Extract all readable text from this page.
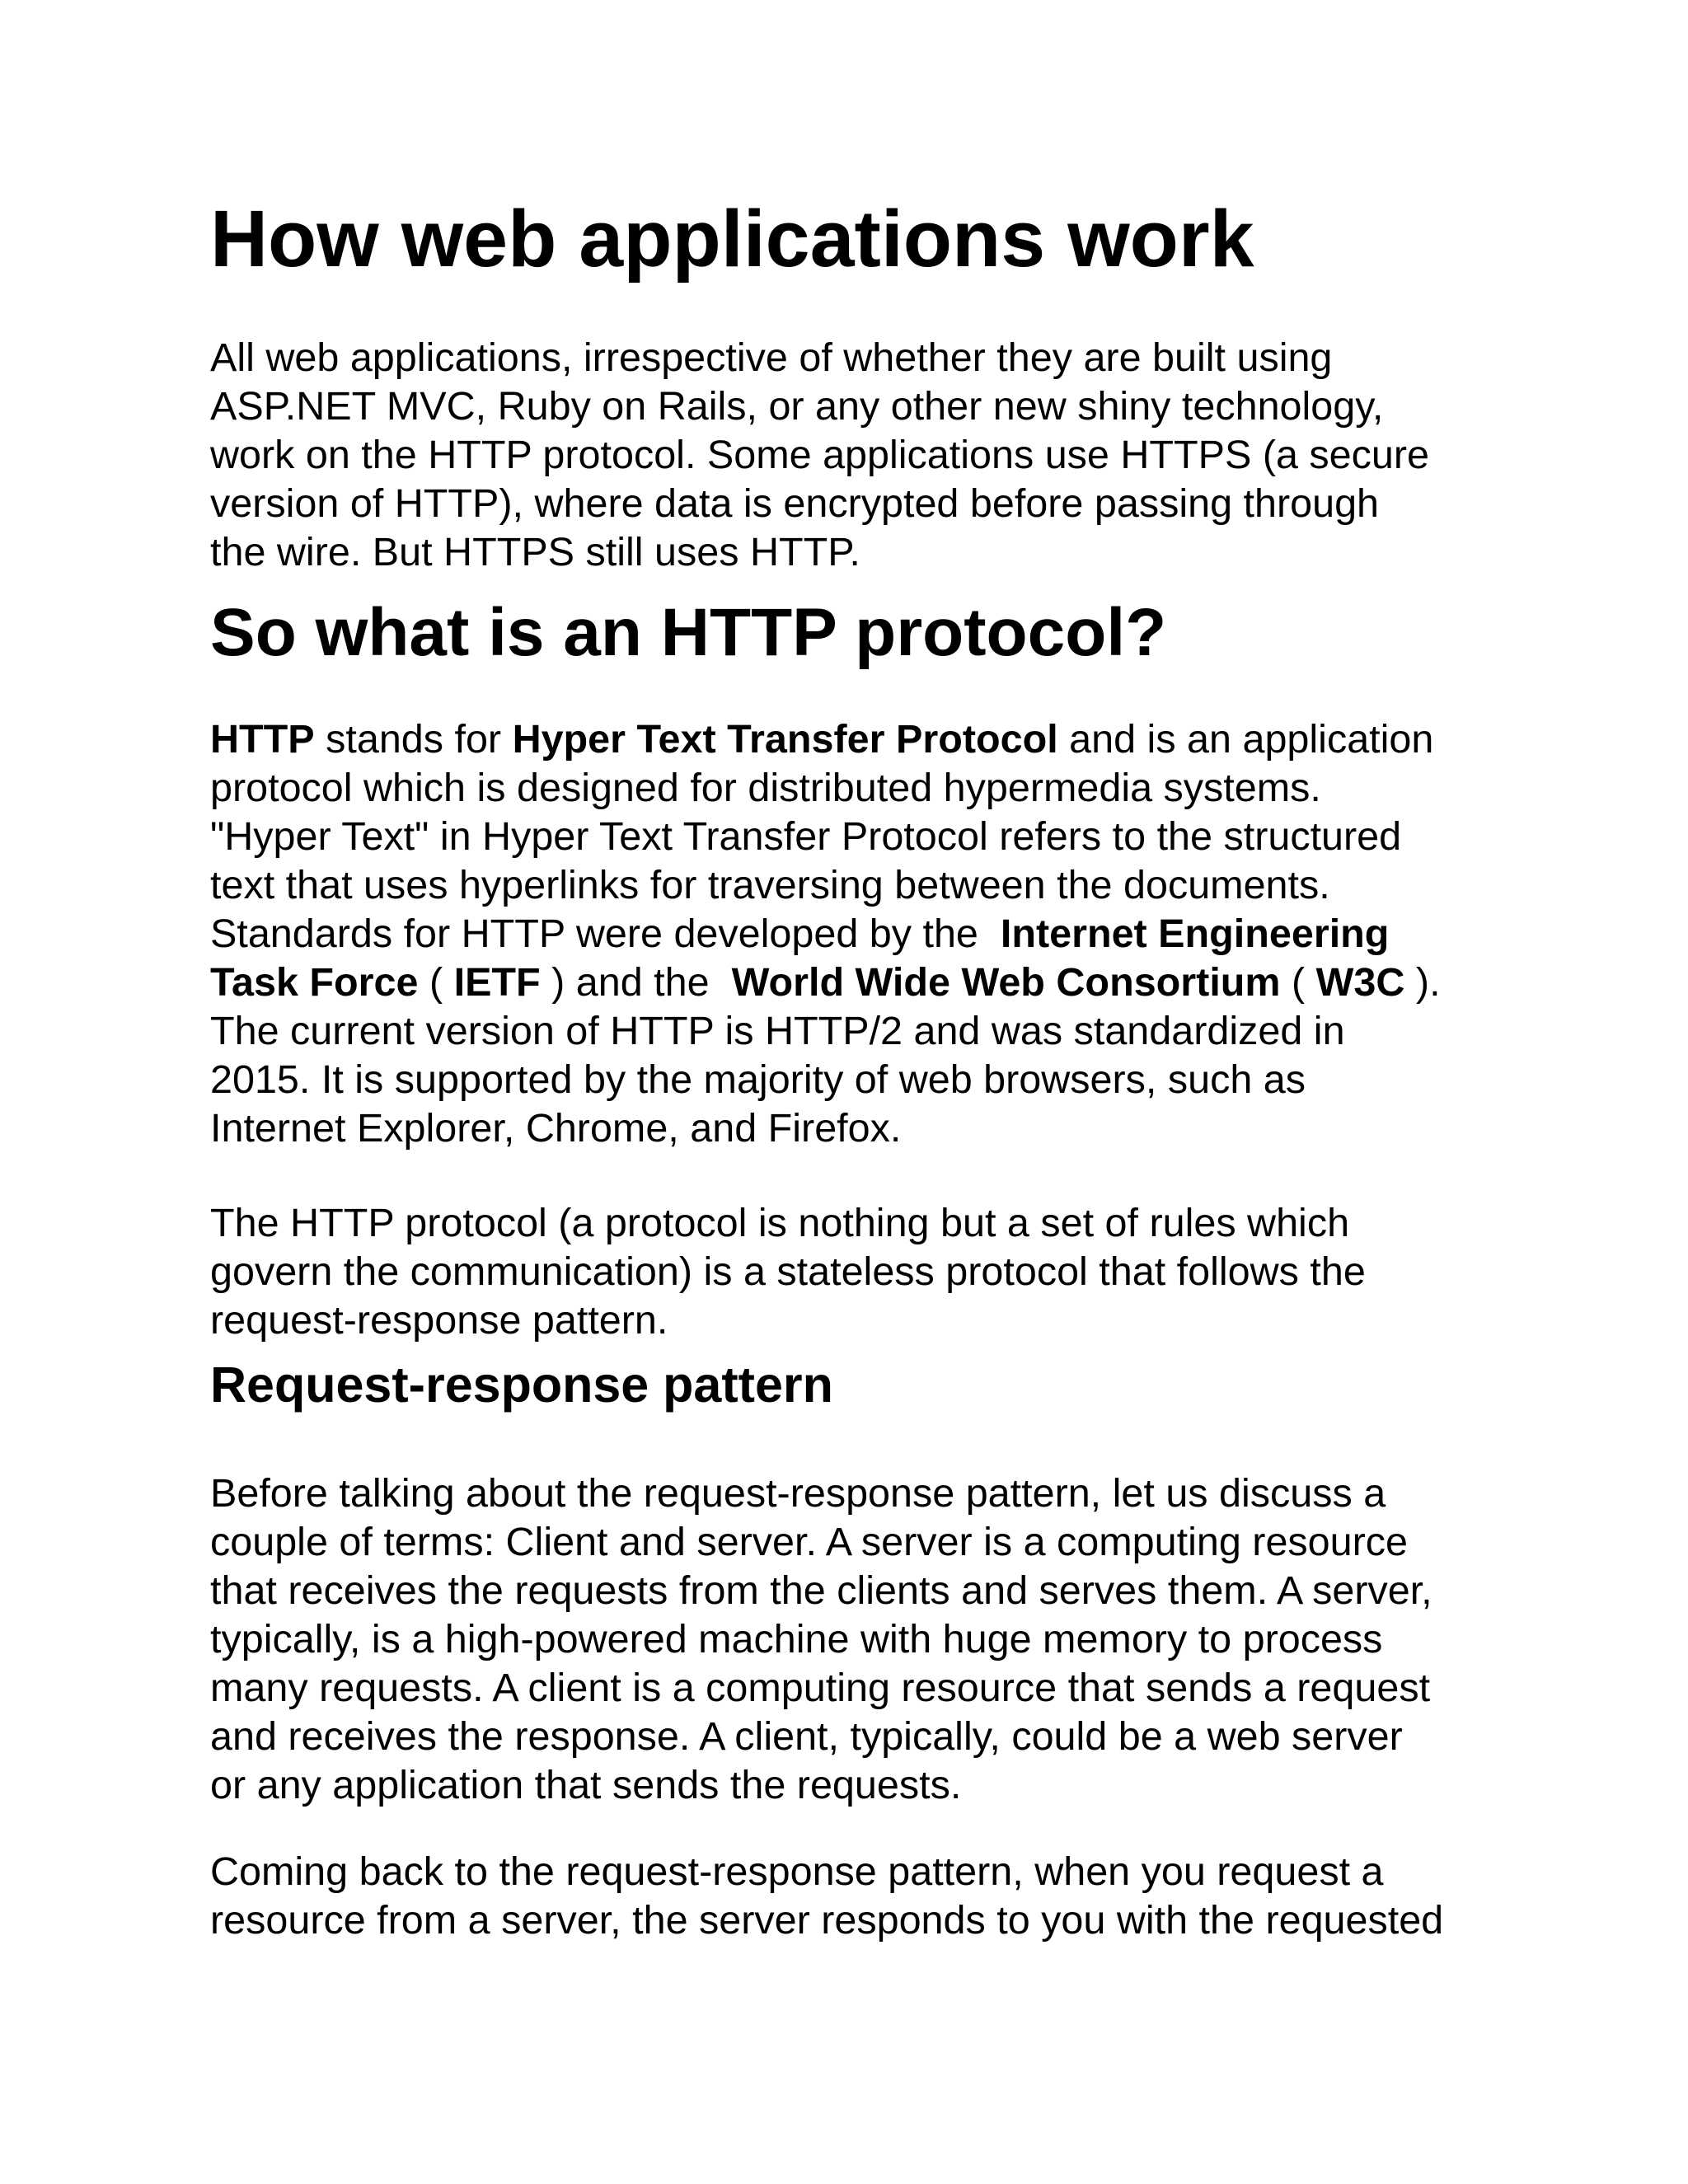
How web applications work

All web applications, irrespective of whether they are built using
ASP.NET MVC, Ruby on Rails, or any other new shiny technology,
work on the HTTP protocol. Some applications use HTTPS (a secure
version of HTTP), where data is encrypted before passing through
the wire. But HTTPS still uses HTTP.

So what is an HTTP protocol?

HTTP stands for Hyper Text Transfer Protocol and is an application
protocol which is designed for distributed hypermedia systems.
"Hyper Text" in Hyper Text Transfer Protocol refers to the structured
text that uses hyperlinks for traversing between the documents.
Standards for HTTP were developed by the  Internet Engineering
Task Force ( IETF ) and the  World Wide Web Consortium ( W3C ).
The current version of HTTP is HTTP/2 and was standardized in
2015. It is supported by the majority of web browsers, such as
Internet Explorer, Chrome, and Firefox.

The HTTP protocol (a protocol is nothing but a set of rules which
govern the communication) is a stateless protocol that follows the
request-response pattern.

Request-response pattern

Before talking about the request-response pattern, let us discuss a
couple of terms: Client and server. A server is a computing resource
that receives the requests from the clients and serves them. A server,
typically, is a high-powered machine with huge memory to process
many requests. A client is a computing resource that sends a request
and receives the response. A client, typically, could be a web server
or any application that sends the requests.

Coming back to the request-response pattern, when you request a
resource from a server, the server responds to you with the requested
